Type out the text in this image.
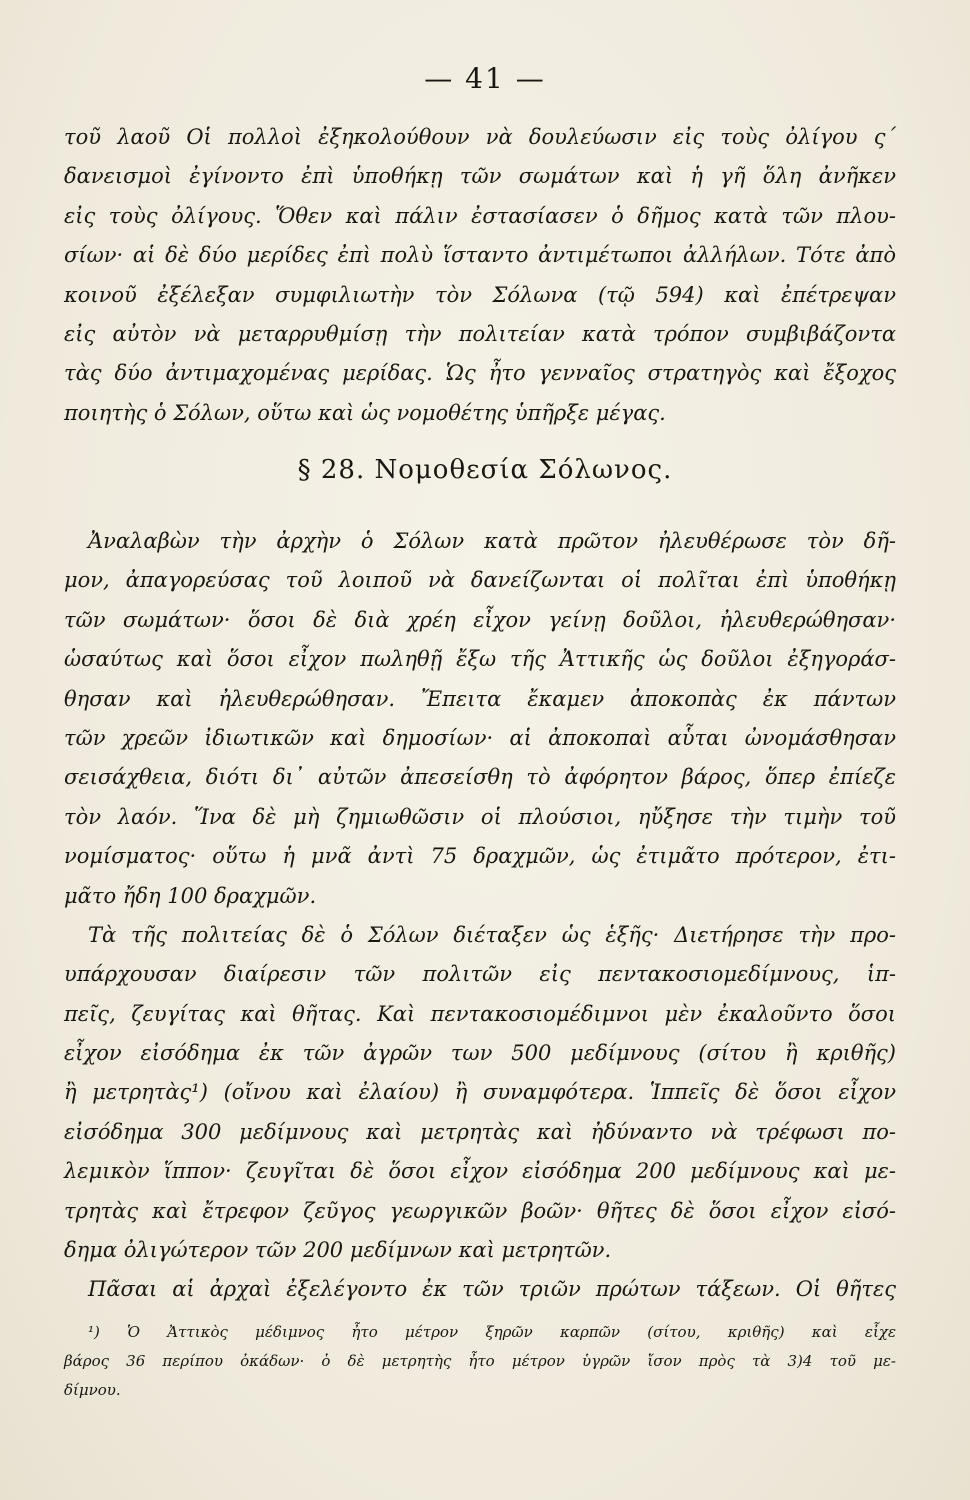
— 41 —
τοῦ λαοῦ Οἱ πολλοὶ ἐξηκολούθουν νὰ δουλεύωσιν εἰς τοὺς ὀλίγου ς΄
δανεισμοὶ ἐγίνοντο ἐπὶ ὑποθήκῃ τῶν σωμάτων καὶ ἡ γῆ ὅλη ἀνῆκεν
εἰς τοὺς ὀλίγους. Ὅθεν καὶ πάλιν ἐστασίασεν ὁ δῆμος κατὰ τῶν πλου-
σίων· αἱ δὲ δύο μερίδες ἐπὶ πολὺ ἵσταντο ἀντιμέτωποι ἀλλήλων. Τότε ἀπὸ
κοινοῦ ἐξέλεξαν συμφιλιωτὴν τὸν Σόλωνα (τῷ 594) καὶ ἐπέτρεψαν
εἰς αὐτὸν νὰ μεταρρυθμίσῃ τὴν πολιτείαν κατὰ τρόπον συμβιβάζοντα
τὰς δύο ἀντιμαχομένας μερίδας. Ὡς ἦτο γενναῖος στρατηγὸς καὶ ἔξοχος
ποιητὴς ὁ Σόλων, οὕτω καὶ ὡς νομοθέτης ὑπῆρξε μέγας.
§ 28. Νομοθεσία Σόλωνος.
Ἀναλαβὼν τὴν ἀρχὴν ὁ Σόλων κατὰ πρῶτον ἠλευθέρωσε τὸν δῆ-
μον, ἀπαγορεύσας τοῦ λοιποῦ νὰ δανείζωνται οἱ πολῖται ἐπὶ ὑποθήκῃ
τῶν σωμάτων· ὅσοι δὲ διὰ χρέη εἶχον γείνῃ δοῦλοι, ἠλευθερώθησαν·
ὡσαύτως καὶ ὅσοι εἶχον πωληθῇ ἔξω τῆς Ἀττικῆς ὡς δοῦλοι ἐξηγοράσ-
θησαν καὶ ἠλευθερώθησαν. Ἔπειτα ἔκαμεν ἀποκοπὰς ἐκ πάντων
τῶν χρεῶν ἰδιωτικῶν καὶ δημοσίων· αἱ ἀποκοπαὶ αὗται ὠνομάσθησαν
σεισάχθεια, διότι δι᾽ αὐτῶν ἀπεσείσθη τὸ ἀφόρητον βάρος, ὅπερ ἐπίεζε
τὸν λαόν. Ἵνα δὲ μὴ ζημιωθῶσιν οἱ πλούσιοι, ηὔξησε τὴν τιμὴν τοῦ
νομίσματος· οὕτω ἡ μνᾶ ἀντὶ 75 δραχμῶν, ὡς ἐτιμᾶτο πρότερον, ἐτι-
μᾶτο ἤδη 100 δραχμῶν.
Τὰ τῆς πολιτείας δὲ ὁ Σόλων διέταξεν ὡς ἑξῆς· Διετήρησε τὴν προ-
υπάρχουσαν διαίρεσιν τῶν πολιτῶν εἰς πεντακοσιομεδίμνους, ἱπ-
πεῖς, ζευγίτας καὶ θῆτας. Καὶ πεντακοσιομέδιμνοι μὲν ἐκαλοῦντο ὅσοι
εἶχον εἰσόδημα ἐκ τῶν ἀγρῶν των 500 μεδίμνους (σίτου ἢ κριθῆς)
ἢ μετρητὰς¹) (οἴνου καὶ ἐλαίου) ἢ συναμφότερα. Ἱππεῖς δὲ ὅσοι εἶχον
εἰσόδημα 300 μεδίμνους καὶ μετρητὰς καὶ ἠδύναντο νὰ τρέφωσι πο-
λεμικὸν ἵππον· ζευγῖται δὲ ὅσοι εἶχον εἰσόδημα 200 μεδίμνους καὶ με-
τρητὰς καὶ ἔτρεφον ζεῦγος γεωργικῶν βοῶν· θῆτες δὲ ὅσοι εἶχον εἰσό-
δημα ὀλιγώτερον τῶν 200 μεδίμνων καὶ μετρητῶν.
Πᾶσαι αἱ ἀρχαὶ ἐξελέγοντο ἐκ τῶν τριῶν πρώτων τάξεων. Οἱ θῆτες
¹) Ὁ Ἀττικὸς μέδιμνος ἦτο μέτρον ξηρῶν καρπῶν (σίτου, κριθῆς) καὶ εἶχε
βάρος 36 περίπου ὀκάδων· ὁ δὲ μετρητὴς ἦτο μέτρον ὑγρῶν ἴσον πρὸς τὰ 3)4 τοῦ με-
δίμνου.
